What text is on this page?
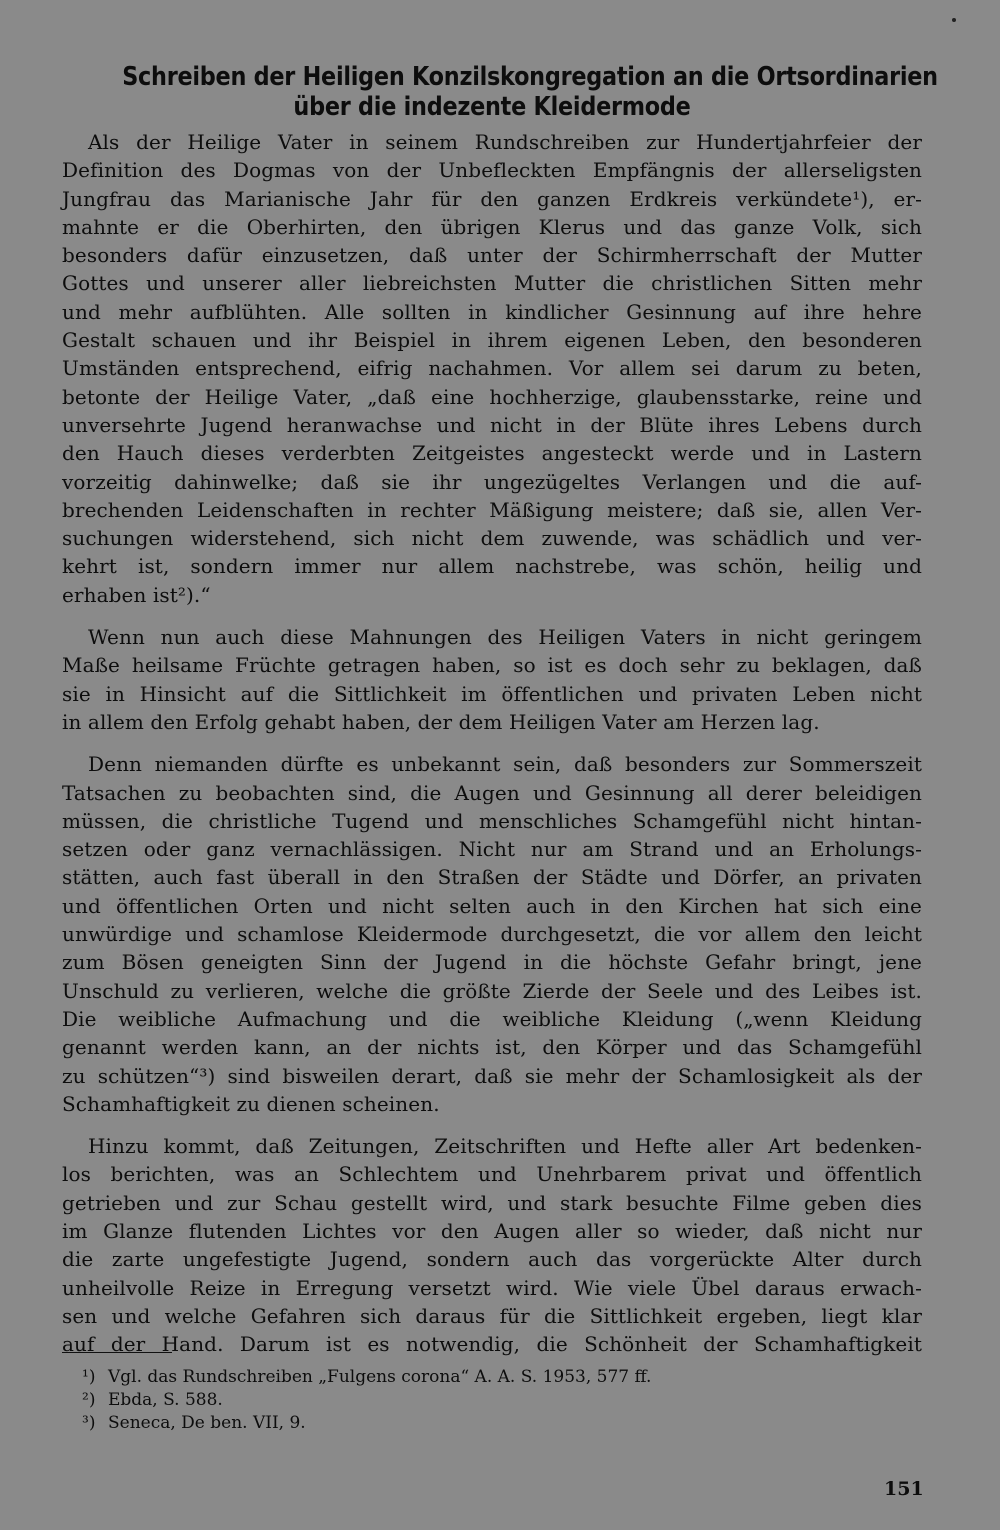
Schreiben der Heiligen Konzilskongregation an die Ortsordinarien
über die indezente Kleidermode
Als der Heilige Vater in seinem Rundschreiben zur Hundertjahrfeier der
Definition des Dogmas von der Unbefleckten Empfängnis der allerseligsten
Jungfrau das Marianische Jahr für den ganzen Erdkreis verkündete¹), er-
mahnte er die Oberhirten, den übrigen Klerus und das ganze Volk, sich
besonders dafür einzusetzen, daß unter der Schirmherrschaft der Mutter
Gottes und unserer aller liebreichsten Mutter die christlichen Sitten mehr
und mehr aufblühten. Alle sollten in kindlicher Gesinnung auf ihre hehre
Gestalt schauen und ihr Beispiel in ihrem eigenen Leben, den besonderen
Umständen entsprechend, eifrig nachahmen. Vor allem sei darum zu beten,
betonte der Heilige Vater, „daß eine hochherzige, glaubensstarke, reine und
unversehrte Jugend heranwachse und nicht in der Blüte ihres Lebens durch
den Hauch dieses verderbten Zeitgeistes angesteckt werde und in Lastern
vorzeitig dahinwelke; daß sie ihr ungezügeltes Verlangen und die auf-
brechenden Leidenschaften in rechter Mäßigung meistere; daß sie, allen Ver-
suchungen widerstehend, sich nicht dem zuwende, was schädlich und ver-
kehrt ist, sondern immer nur allem nachstrebe, was schön, heilig und
erhaben ist²).“
Wenn nun auch diese Mahnungen des Heiligen Vaters in nicht geringem
Maße heilsame Früchte getragen haben, so ist es doch sehr zu beklagen, daß
sie in Hinsicht auf die Sittlichkeit im öffentlichen und privaten Leben nicht
in allem den Erfolg gehabt haben, der dem Heiligen Vater am Herzen lag.
Denn niemanden dürfte es unbekannt sein, daß besonders zur Sommerszeit
Tatsachen zu beobachten sind, die Augen und Gesinnung all derer beleidigen
müssen, die christliche Tugend und menschliches Schamgefühl nicht hintan-
setzen oder ganz vernachlässigen. Nicht nur am Strand und an Erholungs-
stätten, auch fast überall in den Straßen der Städte und Dörfer, an privaten
und öffentlichen Orten und nicht selten auch in den Kirchen hat sich eine
unwürdige und schamlose Kleidermode durchgesetzt, die vor allem den leicht
zum Bösen geneigten Sinn der Jugend in die höchste Gefahr bringt, jene
Unschuld zu verlieren, welche die größte Zierde der Seele und des Leibes ist.
Die weibliche Aufmachung und die weibliche Kleidung („wenn Kleidung
genannt werden kann, an der nichts ist, den Körper und das Schamgefühl
zu schützen“³) sind bisweilen derart, daß sie mehr der Schamlosigkeit als der
Schamhaftigkeit zu dienen scheinen.
Hinzu kommt, daß Zeitungen, Zeitschriften und Hefte aller Art bedenken-
los berichten, was an Schlechtem und Unehrbarem privat und öffentlich
getrieben und zur Schau gestellt wird, und stark besuchte Filme geben dies
im Glanze flutenden Lichtes vor den Augen aller so wieder, daß nicht nur
die zarte ungefestigte Jugend, sondern auch das vorgerückte Alter durch
unheilvolle Reize in Erregung versetzt wird. Wie viele Übel daraus erwach-
sen und welche Gefahren sich daraus für die Sittlichkeit ergeben, liegt klar
auf der Hand. Darum ist es notwendig, die Schönheit der Schamhaftigkeit
¹) Vgl. das Rundschreiben „Fulgens corona“ A. A. S. 1953, 577 ff.
²) Ebda, S. 588.
³) Seneca, De ben. VII, 9.
151
